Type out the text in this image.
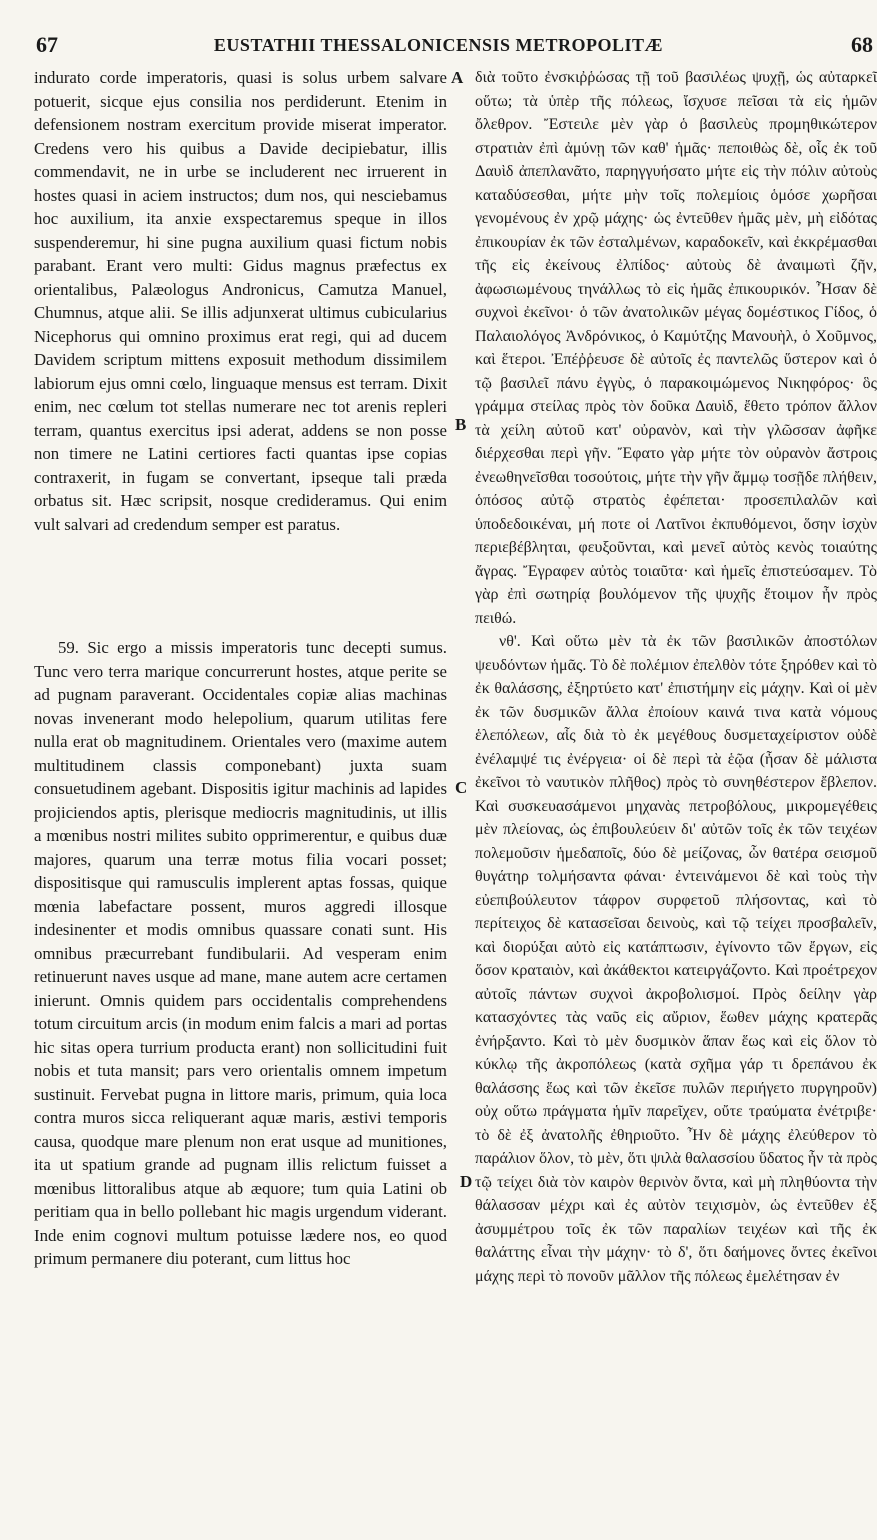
67	EUSTATHII THESSALONICENSIS METROPOLITÆ	68

indurato corde imperatoris, quasi is solus urbem salvare potuerit, sicque ejus consilia nos perdiderunt. Etenim in defensionem nostram exercitum provide miserat imperator. Credens vero his quibus a Davide decipiebatur, illis commendavit, ne in urbe se includerent nec irruerent in hostes quasi in aciem instructos; dum nos, qui nesciebamus hoc auxilium, ita anxie exspectaremus speque in illos suspenderemur, hi sine pugna auxilium quasi fictum nobis parabant. Erant vero multi: Gidus magnus præfectus ex orientalibus, Palæologus Andronicus, Camutza Manuel, Chumnus, atque alii. Se illis adjunxerat ultimus cubicularius Nicephorus qui omnino proximus erat regi, qui ad ducem Davidem scriptum mittens exposuit methodum dissimilem labiorum ejus omni cœlo, linguaque mensus est terram. Dixit enim, nec cœlum tot stellas numerare nec tot arenis repleri terram, quantus exercitus ipsi aderat, addens se non posse non timere ne Latini certiores facti quantas ipse copias contraxerit, in fugam se convertant, ipseque tali præda orbatus sit. Hæc scripsit, nosque credideramus. Qui enim vult salvari ad credendum semper est paratus.

59. Sic ergo a missis imperatoris tunc decepti sumus. Tunc vero terra marique concurrerunt hostes, atque perite se ad pugnam paraverant. Occidentales copiæ alias machinas novas invenerant modo helepolium, quarum utilitas fere nulla erat ob magnitudinem. Orientales vero (maxime autem multitudinem classis componebant) juxta suam consuetudinem agebant. Dispositis igitur machinis ad lapides projiciendos aptis, plerisque mediocris magnitudinis, ut illis a mœnibus nostri milites subito opprimerentur, e quibus duæ majores, quarum una terræ motus filia vocari posset; dispositisque qui ramusculis implerent aptas fossas, quique mœnia labefactare possent, muros aggredi illosque indesinenter et modis omnibus quassare conati sunt. His omnibus præcurrebant fundibularii. Ad vesperam enim retinuerunt naves usque ad mane, mane autem acre certamen inierunt. Omnis quidem pars occidentalis comprehendens totum circuitum arcis (in modum enim falcis a mari ad portas hic sitas opera turrium producta erant) non sollicitudini fuit nobis et tuta mansit; pars vero orientalis omnem impetum sustinuit. Fervebat pugna in littore maris, primum, quia loca contra muros sicca reliquerant aquæ maris, æstivi temporis causa, quodque mare plenum non erat usque ad munitiones, ita ut spatium grande ad pugnam illis relictum fuisset a mœnibus littoralibus atque ab æquore; tum quia Latini ob peritiam qua in bello pollebant hic magis urgendum viderant. Inde enim cognovi multum potuisse lædere nos, eo quod primum permanere diu poterant, cum littus hoc

A
B
C
D

διὰ τοῦτο ἐνσκιῤῥώσας τῇ τοῦ βασιλέως ψυχῇ, ὡς αὐταρκεῖ οὕτω; τὰ ὑπὲρ τῆς πόλεως, ἴσχυσε πεῖσαι τὰ εἰς ἡμῶν ὄλεθρον. Ἔστειλε μὲν γὰρ ὁ βασιλεὺς προμηθικώτερον στρατιὰν ἐπὶ ἀμύνῃ τῶν καθ' ἡμᾶς· πεποιθὼς δὲ, οἷς ἐκ τοῦ Δαυὶδ ἀπεπλανᾶτο, παρηγγυήσατο μήτε εἰς τὴν πόλιν αὐτοὺς καταδύσεσθαι, μήτε μὴν τοῖς πολεμίοις ὁμόσε χωρῆσαι γενομένους ἐν χρῷ μάχης· ὡς ἐντεῦθεν ἡμᾶς μὲν, μὴ εἰδότας ἐπικουρίαν ἐκ τῶν ἐσταλμένων, καραδοκεῖν, καὶ ἐκκρέμασθαι τῆς εἰς ἐκείνους ἐλπίδος· αὐτοὺς δὲ ἀναιμωτὶ ζῆν, ἀφωσιωμένους τηνάλλως τὸ εἰς ἡμᾶς ἐπικουρικόν. Ἦσαν δὲ συχνοὶ ἐκεῖνοι· ὁ τῶν ἀνατολικῶν μέγας δομέστικος Γίδος, ὁ Παλαιολόγος Ἀνδρόνικος, ὁ Καμύτζης Μανουὴλ, ὁ Χοῦμνος, καὶ ἕτεροι. Ἐπέῤῥευσε δὲ αὐτοῖς ἐς παντελῶς ὕστερον καὶ ὁ τῷ βασιλεῖ πάνυ ἐγγὺς, ὁ παρακοιμώμενος Νικηφόρος· ὃς γράμμα στείλας πρὸς τὸν δοῦκα Δαυὶδ, ἔθετο τρόπον ἄλλον τὰ χείλη αὐτοῦ κατ' οὐρανὸν, καὶ τὴν γλῶσσαν ἀφῆκε διέρχεσθαι περὶ γῆν. Ἔφατο γὰρ μήτε τὸν οὐρανὸν ἄστροις ἐνεωθηνεῖσθαι τοσούτοις, μήτε τὴν γῆν ἄμμῳ τοσῇδε πλήθειν, ὁπόσος αὐτῷ στρατὸς ἐφέπεται· προσεπιλαλῶν καὶ ὑποδεδοικέναι, μή ποτε οἱ Λατῖνοι ἐκπυθόμενοι, ὅσην ἰσχὺν περιεβέβληται, φευξοῦνται, καὶ μενεῖ αὐτὸς κενὸς τοιαύτης ἄγρας. Ἔγραφεν αὐτὸς τοιαῦτα· καὶ ἡμεῖς ἐπιστεύσαμεν. Τὸ γὰρ ἐπὶ σωτηρίᾳ βουλόμενον τῆς ψυχῆς ἕτοιμον ἦν πρὸς πειθώ.

νθ'. Καὶ οὕτω μὲν τὰ ἐκ τῶν βασιλικῶν ἀποστόλων ψευδόντων ἡμᾶς. Τὸ δὲ πολέμιον ἐπελθὸν τότε ξηρόθεν καὶ τὸ ἐκ θαλάσσης, ἐξηρτύετο κατ' ἐπιστήμην εἰς μάχην. Καὶ οἱ μὲν ἐκ τῶν δυσμικῶν ἄλλα ἐποίουν καινά τινα κατὰ νόμους ἑλεπόλεων, αἷς διὰ τὸ ἐκ μεγέθους δυσμεταχείριστον οὐδὲ ἐνέλαμψέ τις ἐνέργεια· οἱ δὲ περὶ τὰ ἑῷα (ἦσαν δὲ μάλιστα ἐκεῖνοι τὸ ναυτικὸν πλῆθος) πρὸς τὸ συνηθέστερον ἔβλεπον. Καὶ συσκευασάμενοι μηχανὰς πετροβόλους, μικρομεγέθεις μὲν πλείονας, ὡς ἐπιβουλεύειν δι' αὐτῶν τοῖς ἐκ τῶν τειχέων πολεμοῦσιν ἡμεδαποῖς, δύο δὲ μείζονας, ὧν θατέρα σεισμοῦ θυγάτηρ τολμήσαντα φάναι· ἐντειvάμενοι δὲ καὶ τοὺς τὴν εὐεπιβούλευτον τάφρον συρφετοῦ πλήσοντας, καὶ τὸ περίτειχος δὲ κατασεῖσαι δεινοὺς, καὶ τῷ τείχει προσβαλεῖν, καὶ διορύξαι αὐτὸ εἰς κατάπτωσιν, ἐγίνοντο τῶν ἔργων, εἰς ὅσον κραταιὸν, καὶ ἀκάθεκτοι κατειργάζοντο. Καὶ προέτρεχον αὐτοῖς πάντων συχνοὶ ἀκροβολισμοί. Πρὸς δείλην γὰρ κατασχόντες τὰς ναῦς εἰς αὔριον, ἕωθεν μάχης κρατερᾶς ἐνήρξαντο. Καὶ τὸ μὲν δυσμικὸν ἅπαν ἕως καὶ εἰς ὅλον τὸ κύκλῳ τῆς ἀκροπόλεως (κατὰ σχῆμα γάρ τι δρεπάνου ἐκ θαλάσσης ἕως καὶ τῶν ἐκεῖσε πυλῶν περιήγετο πυργηροῦν) οὐχ οὕτω πράγματα ἡμῖν παρεῖχεν, οὔτε τραύματα ἐνέτριβε· τὸ δὲ ἐξ ἀνατολῆς ἐθηριοῦτο. Ἦν δὲ μάχης ἐλεύθερον τὸ παράλιον ὅλον, τὸ μὲν, ὅτι ψιλὰ θαλασσίου ὕδατος ἦν τὰ πρὸς τῷ τείχει διὰ τὸν καιρὸν θερινὸν ὄντα, καὶ μὴ πληθύοντα τὴν θάλασσαν μέχρι καὶ ἐς αὐτὸν τειχισμὸν, ὡς ἐντεῦθεν ἐξ ἀσυμμέτρου τοῖς ἐκ τῶν παραλίων τειχέων καὶ τῆς ἐκ θαλάττης εἶναι τὴν μάχην· τὸ δ', ὅτι δαήμονες ὄντες ἐκεῖνοι μάχης περὶ τὸ πονοῦν μᾶλλον τῆς πόλεως ἐμελέτησαν ἐν
